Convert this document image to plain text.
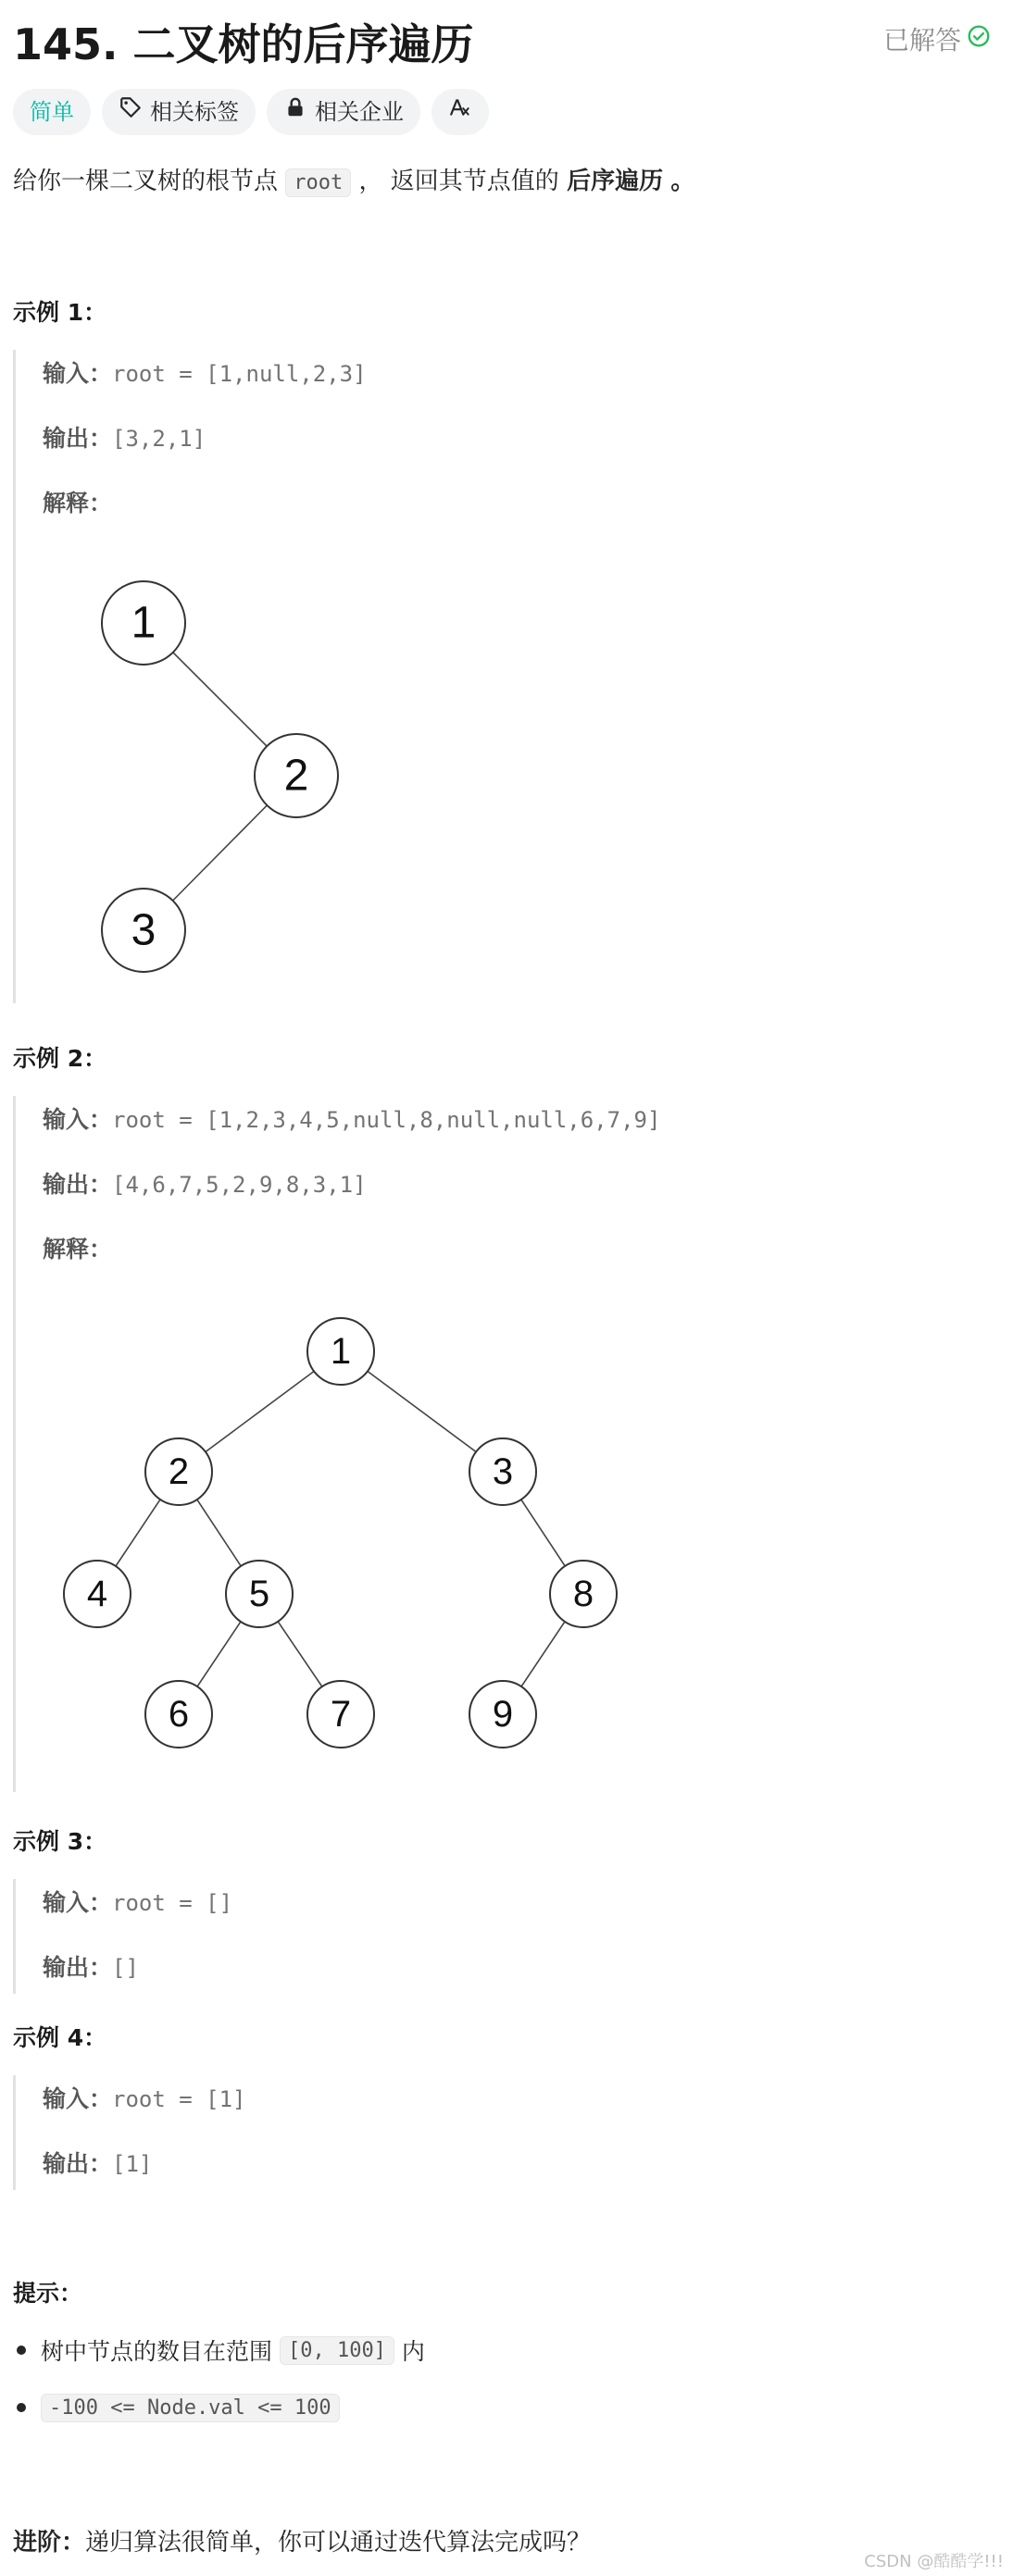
145. 二叉树的后序遍历	已解答
简单	相关标签	相关企业
给你一棵二叉树的根节点 root ， 返回其节点值的 后序遍历 。
示例 1：
输入：root = [1,null,2,3]
输出：[3,2,1]
解释：
1
2
3
示例 2：
输入：root = [1,2,3,4,5,null,8,null,null,6,7,9]
输出：[4,6,7,5,2,9,8,3,1]
解释：
1
2	3
4	5	8
6	7	9
示例 3：
输入：root = []
输出：[]
示例 4：
输入：root = [1]
输出：[1]
提示：
树中节点的数目在范围
[0, 100]
内
-100 <= Node.val <= 100
进阶：递归算法很简单，你可以通过迭代算法完成吗？
CSDN @酷酷学!!!
